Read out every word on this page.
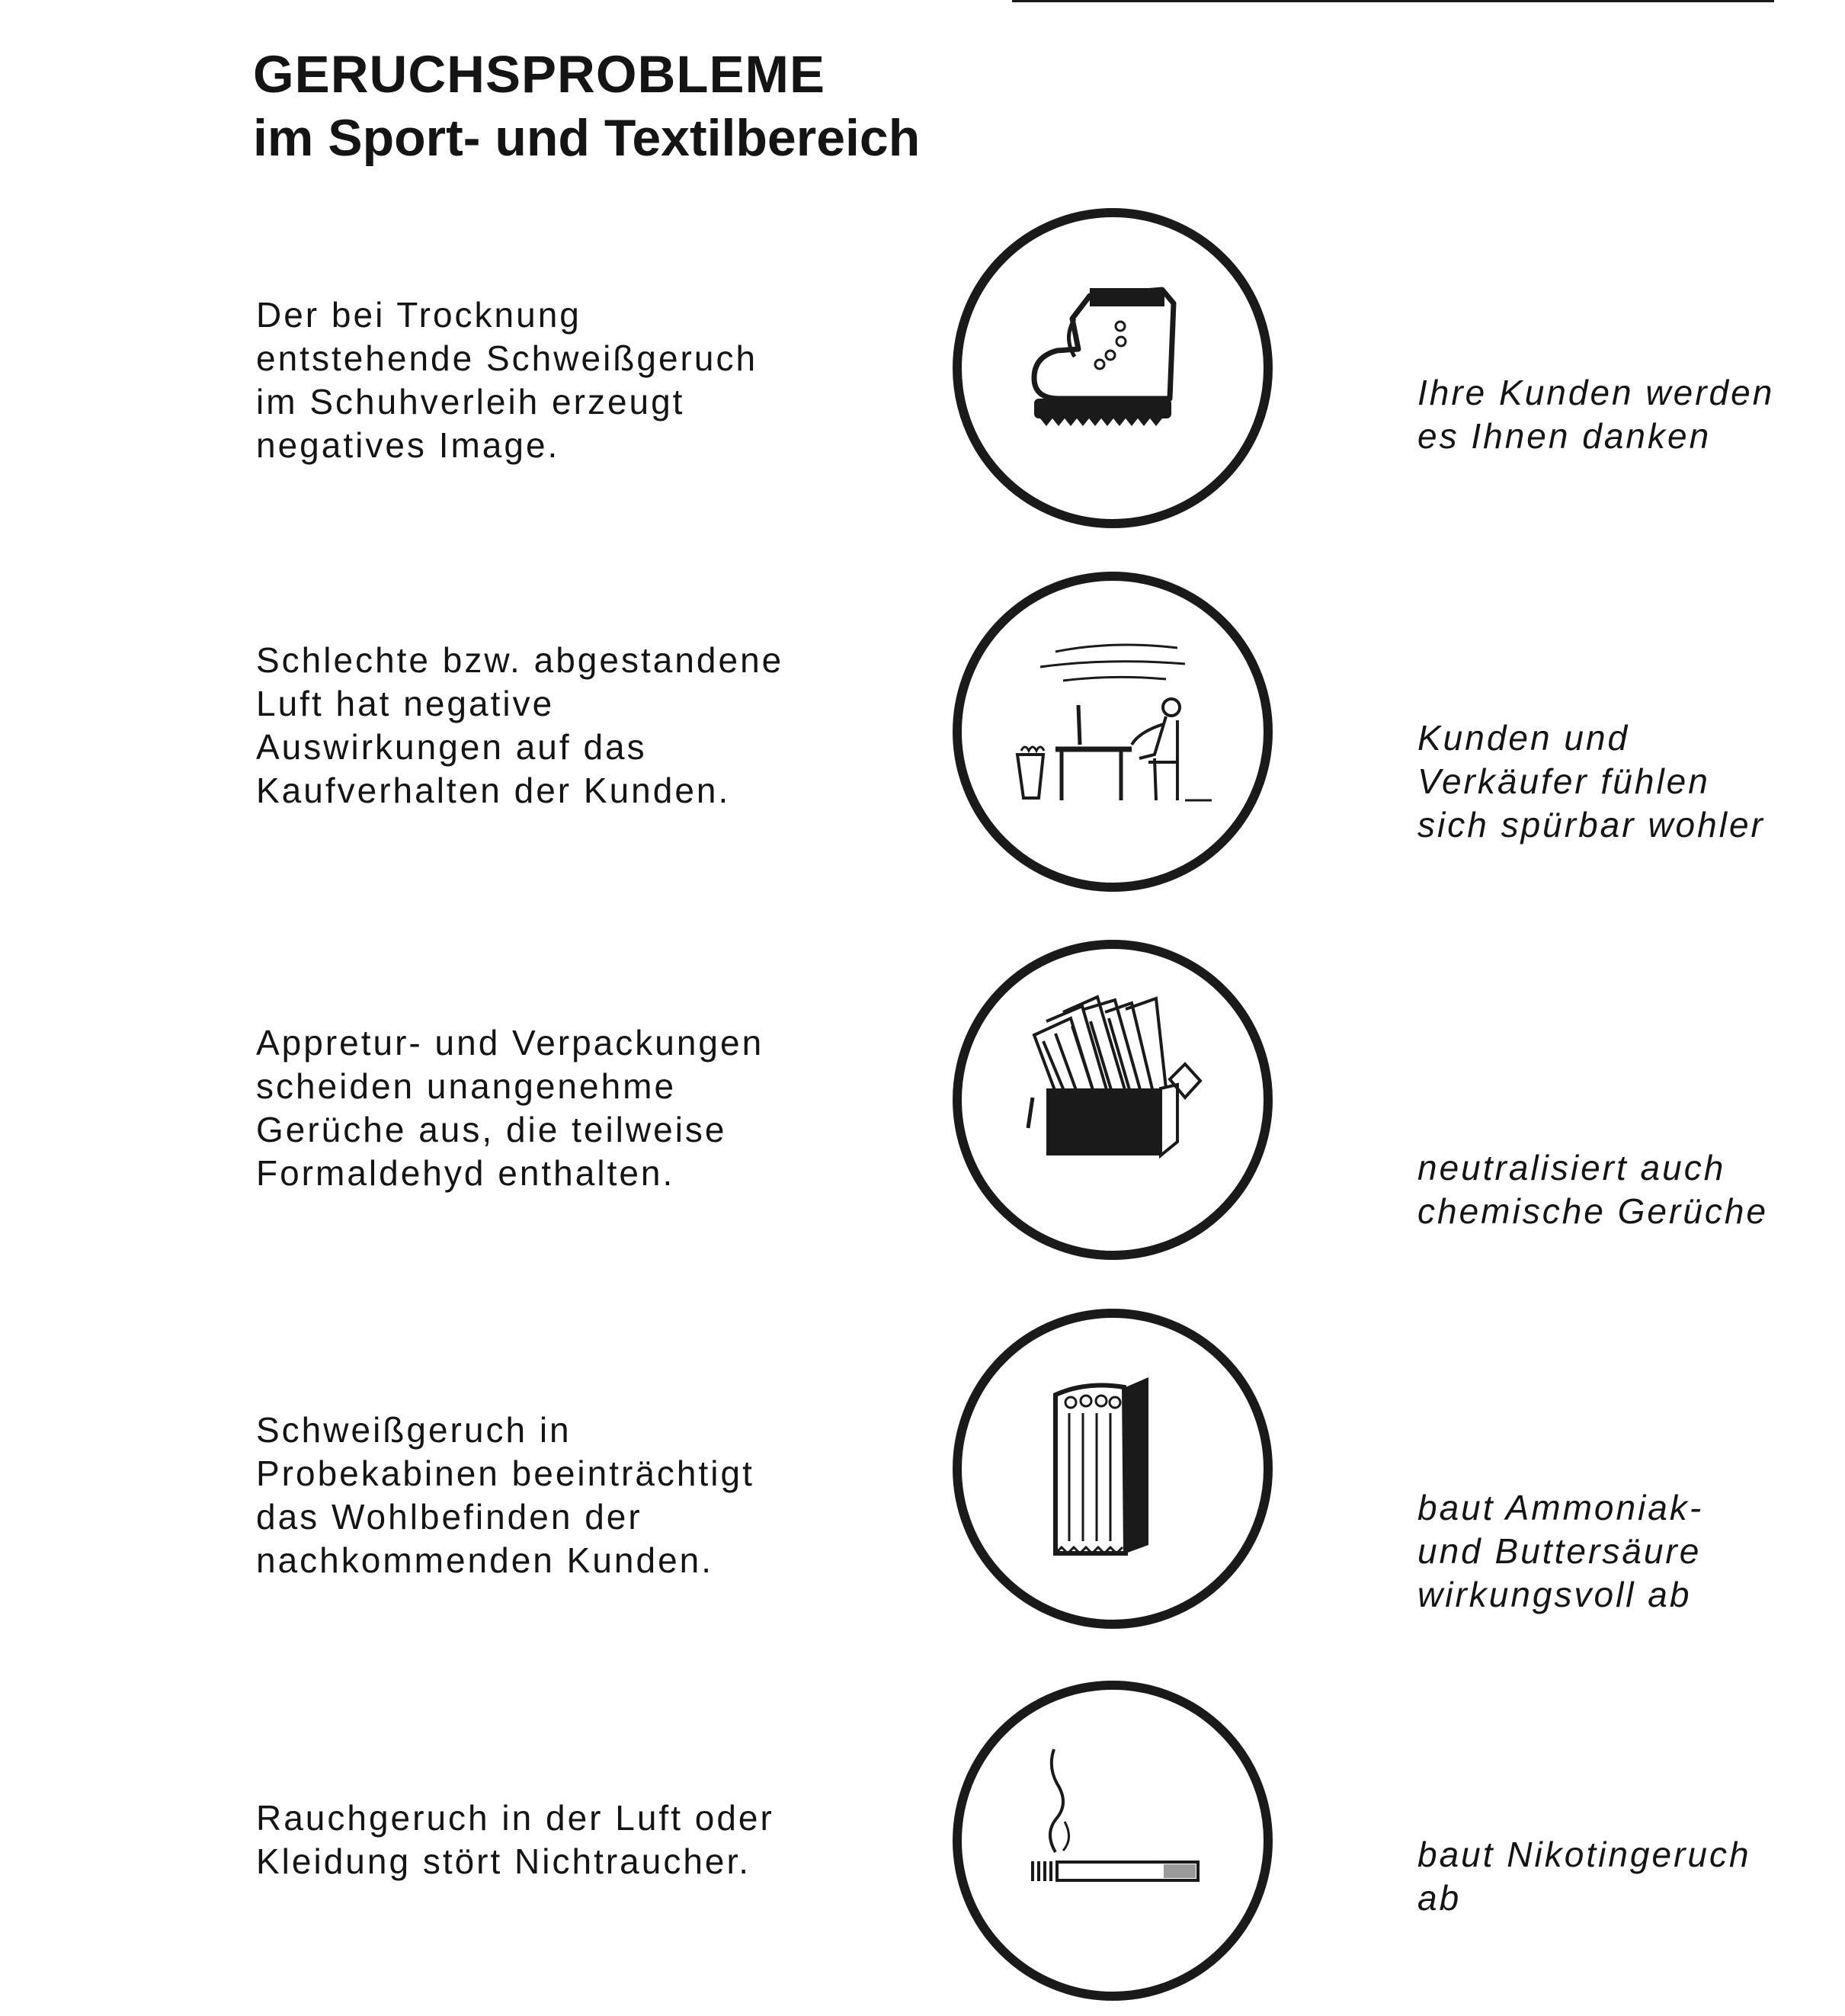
GERUCHSPROBLEME
im Sport- und Textilbereich

Der bei Trocknung
entstehende Schweißgeruch
im Schuhverleih erzeugt
negatives Image.

Ihre Kunden werden
es Ihnen danken

Schlechte bzw. abgestandene
Luft hat negative
Auswirkungen auf das
Kaufverhalten der Kunden.

Kunden und
Verkäufer fühlen
sich spürbar wohler

Appretur- und Verpackungen
scheiden unangenehme
Gerüche aus, die teilweise
Formaldehyd enthalten.	neutralisiert auch
chemische Gerüche

Schweißgeruch in
Probekabinen beeinträchtigt
das Wohlbefinden der
nachkommenden Kunden.

baut Ammoniak-
und Buttersäure
wirkungsvoll ab

Rauchgeruch in der Luft oder
Kleidung stört Nichtraucher.	baut Nikotingeruch
ab
